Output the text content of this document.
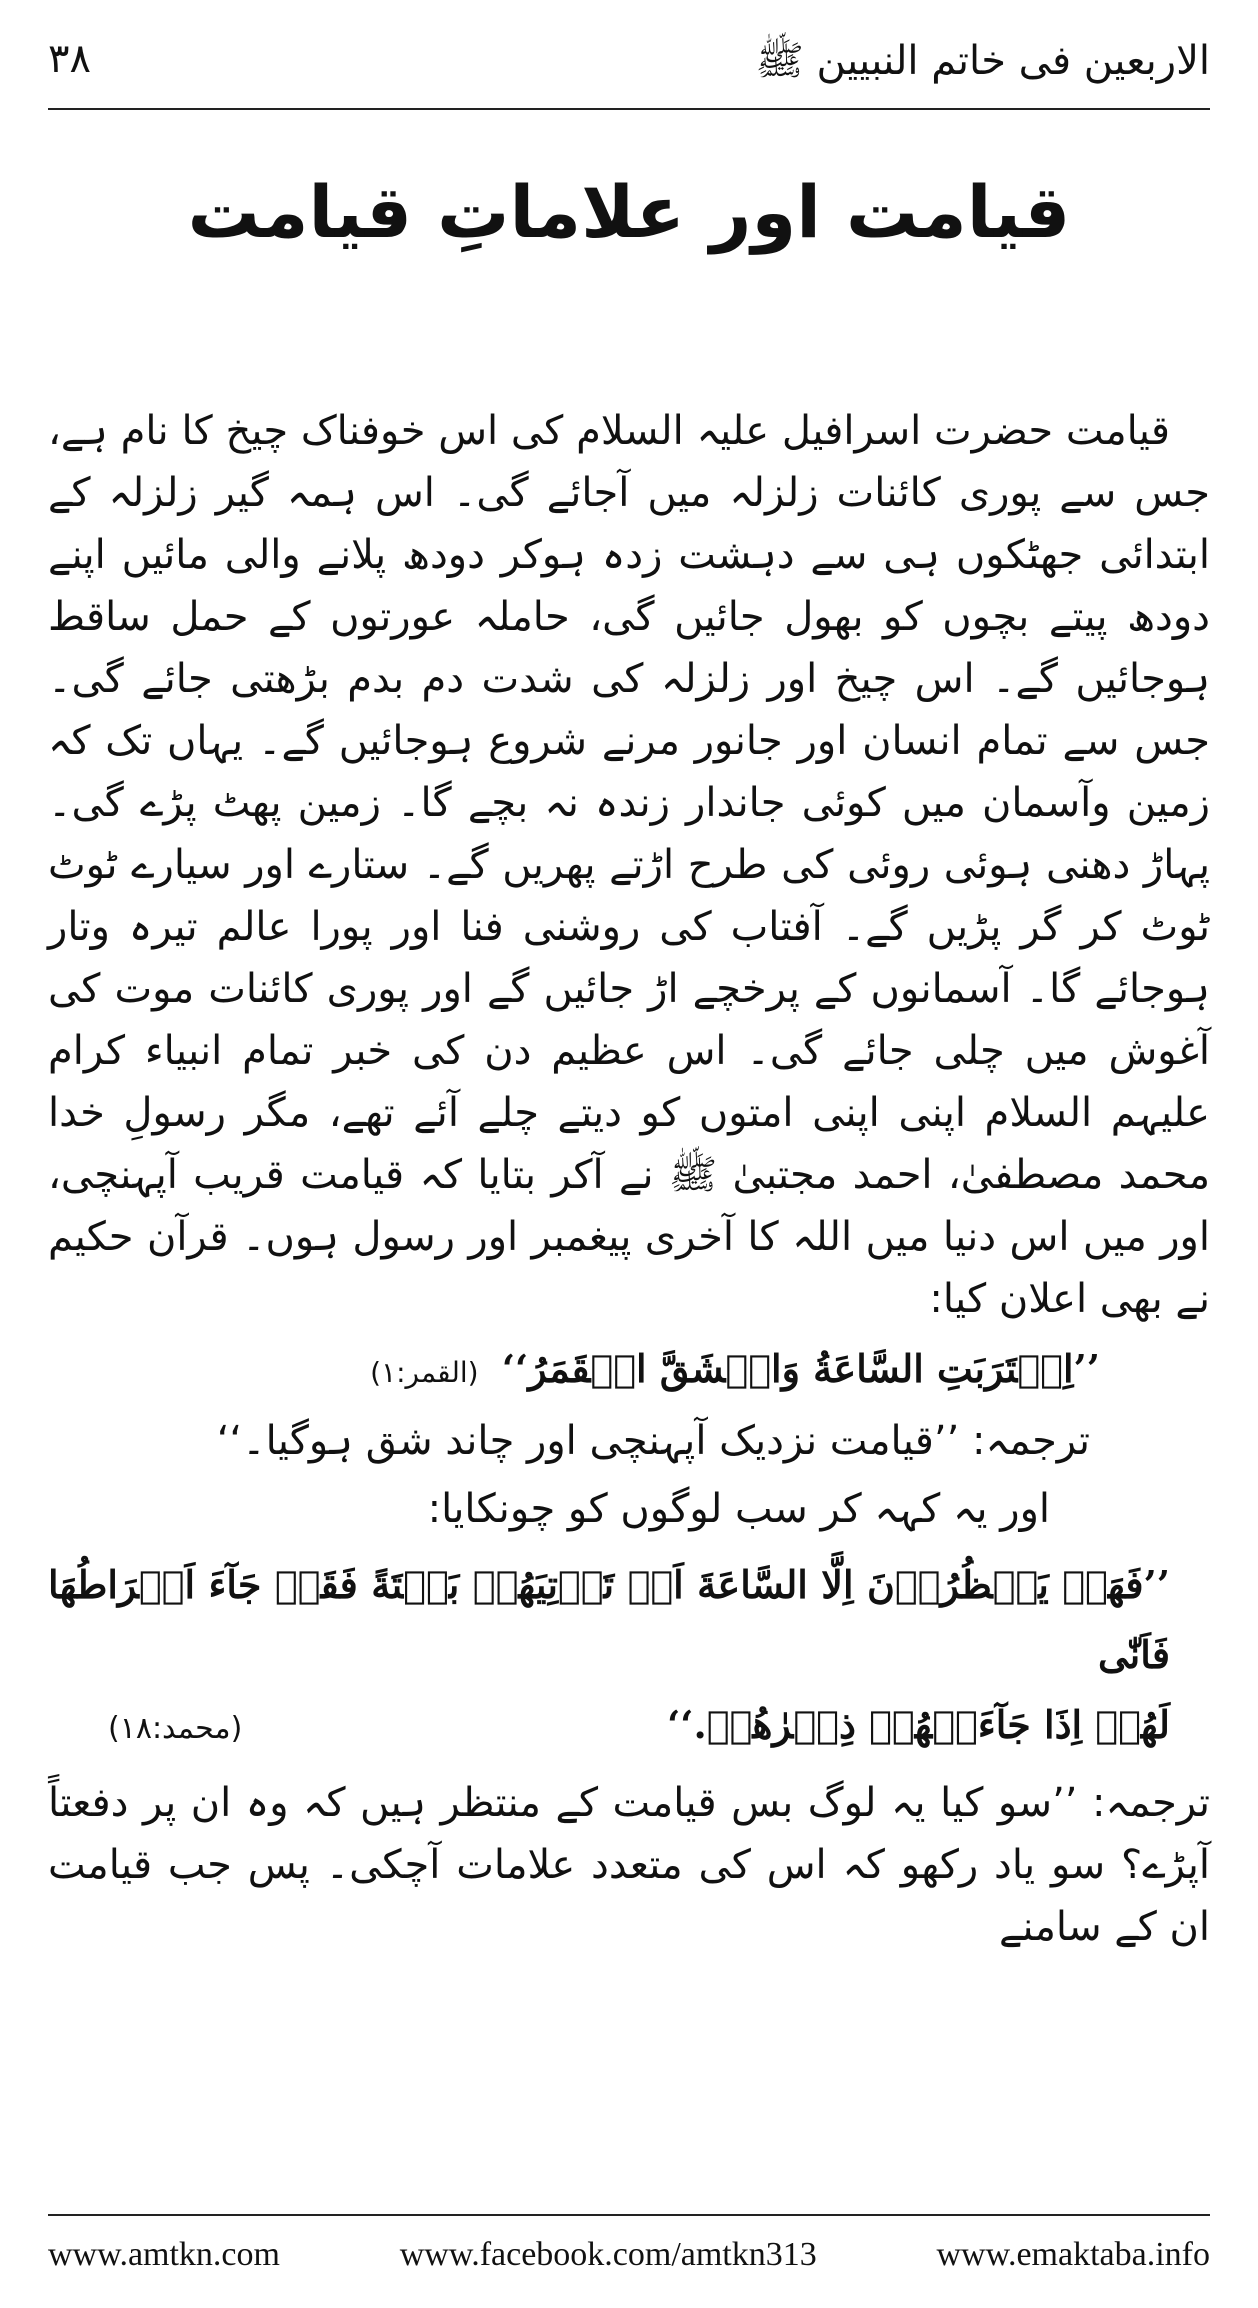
الاربعین فی خاتم النبیین ﷺ
۳۸
قیامت اور علاماتِ قیامت

قیامت حضرت اسرافیل علیہ السلام کی اس خوفناک چیخ کا نام ہے، جس سے پوری کائنات زلزلہ میں آجائے گی۔ اس ہمہ گیر زلزلہ کے ابتدائی جھٹکوں ہی سے دہشت زدہ ہوکر دودھ پلانے والی مائیں اپنے دودھ پیتے بچوں کو بھول جائیں گی، حاملہ عورتوں کے حمل ساقط ہوجائیں گے۔ اس چیخ اور زلزلہ کی شدت دم بدم بڑھتی جائے گی۔ جس سے تمام انسان اور جانور مرنے شروع ہوجائیں گے۔ یہاں تک کہ زمین وآسمان میں کوئی جاندار زندہ نہ بچے گا۔ زمین پھٹ پڑے گی۔ پہاڑ دھنی ہوئی روئی کی طرح اڑتے پھریں گے۔ ستارے اور سیارے ٹوٹ ٹوٹ کر گر پڑیں گے۔ آفتاب کی روشنی فنا اور پورا عالم تیرہ وتار ہوجائے گا۔ آسمانوں کے پرخچے اڑ جائیں گے اور پوری کائنات موت کی آغوش میں چلی جائے گی۔ اس عظیم دن کی خبر تمام انبیاء کرام علیہم السلام اپنی اپنی امتوں کو دیتے چلے آئے تھے، مگر رسولِ خدا محمد مصطفیٰ، احمد مجتبیٰ ﷺ نے آکر بتایا کہ قیامت قریب آپہنچی، اور میں اس دنیا میں اللہ کا آخری پیغمبر اور رسول ہوں۔ قرآن حکیم نے بھی اعلان کیا:

’’اِقۡتَرَبَتِ السَّاعَةُ وَانۡشَقَّ الۡقَمَرُ‘‘ (القمر:۱)

ترجمہ: ’’قیامت نزدیک آپہنچی اور چاند شق ہوگیا۔‘‘

اور یہ کہہ کر سب لوگوں کو چونکایا:

’’فَهَلۡ يَنۡظُرُوۡنَ اِلَّا السَّاعَةَ اَنۡ تَاۡتِيَهُمۡ بَغۡتَةً فَقَدۡ جَآءَ اَشۡرَاطُهَا فَاَنّٰى
لَهُمۡ اِذَا جَآءَتۡهُمۡ ذِكۡرٰهُمۡ.‘‘
(محمد:۱۸)

ترجمہ: ’’سو کیا یہ لوگ بس قیامت کے منتظر ہیں کہ وہ ان پر دفعتاً آپڑے؟ سو یاد رکھو کہ اس کی متعدد علامات آچکی۔ پس جب قیامت ان کے سامنے

www.amtkn.com	www.facebook.com/amtkn313	www.emaktaba.info
